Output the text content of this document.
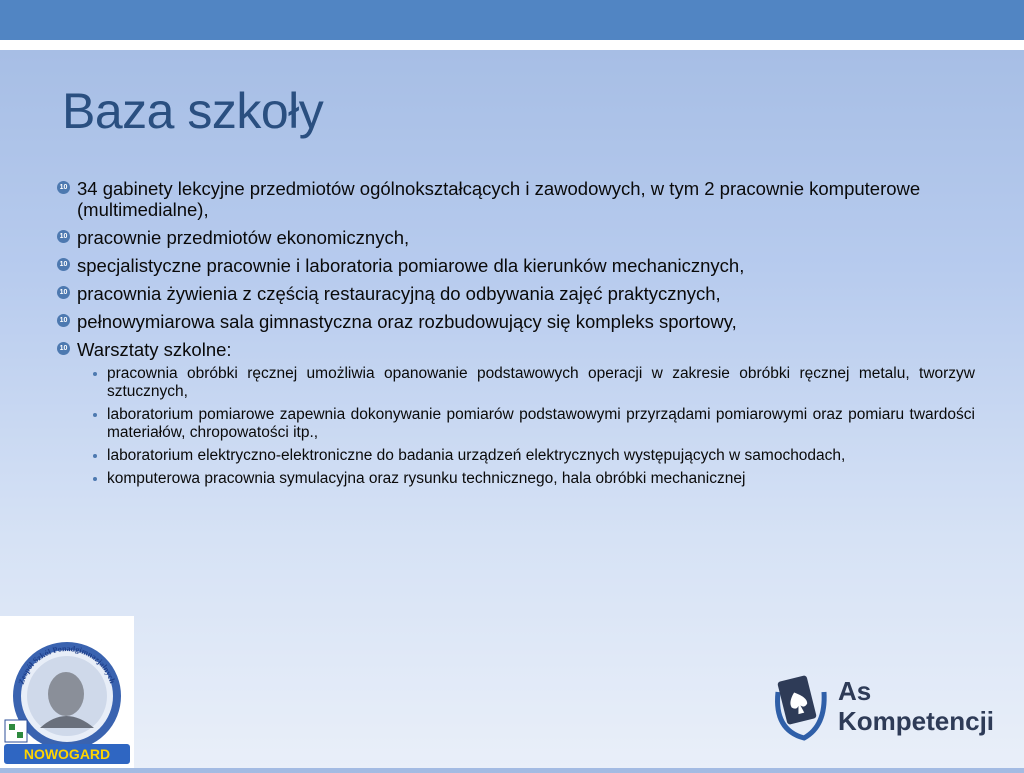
Baza szkoły
10 34 gabinety lekcyjne przedmiotów ogólnokształcących i zawodowych, w tym 2 pracownie komputerowe (multimedialne),
10 pracownie przedmiotów ekonomicznych,
10 specjalistyczne pracownie i laboratoria pomiarowe dla kierunków mechanicznych,
10 pracownia żywienia z częścią restauracyjną do odbywania zajęć praktycznych,
10 pełnowymiarowa sala gimnastyczna oraz rozbudowujący się kompleks sportowy,
10 Warsztaty szkolne:
pracownia obróbki ręcznej umożliwia opanowanie podstawowych operacji w zakresie obróbki ręcznej metalu, tworzyw sztucznych,
laboratorium pomiarowe zapewnia dokonywanie pomiarów podstawowymi przyrządami pomiarowymi oraz pomiaru twardości materiałów, chropowatości itp.,
laboratorium elektryczno-elektroniczne do badania urządzeń elektrycznych występujących w samochodach,
komputerowa pracownia symulacyjna oraz rysunku technicznego, hala obróbki mechanicznej
Zespół Szkół Ponadgimnazjalnych
NOWOGARD
As
Kompetencji
